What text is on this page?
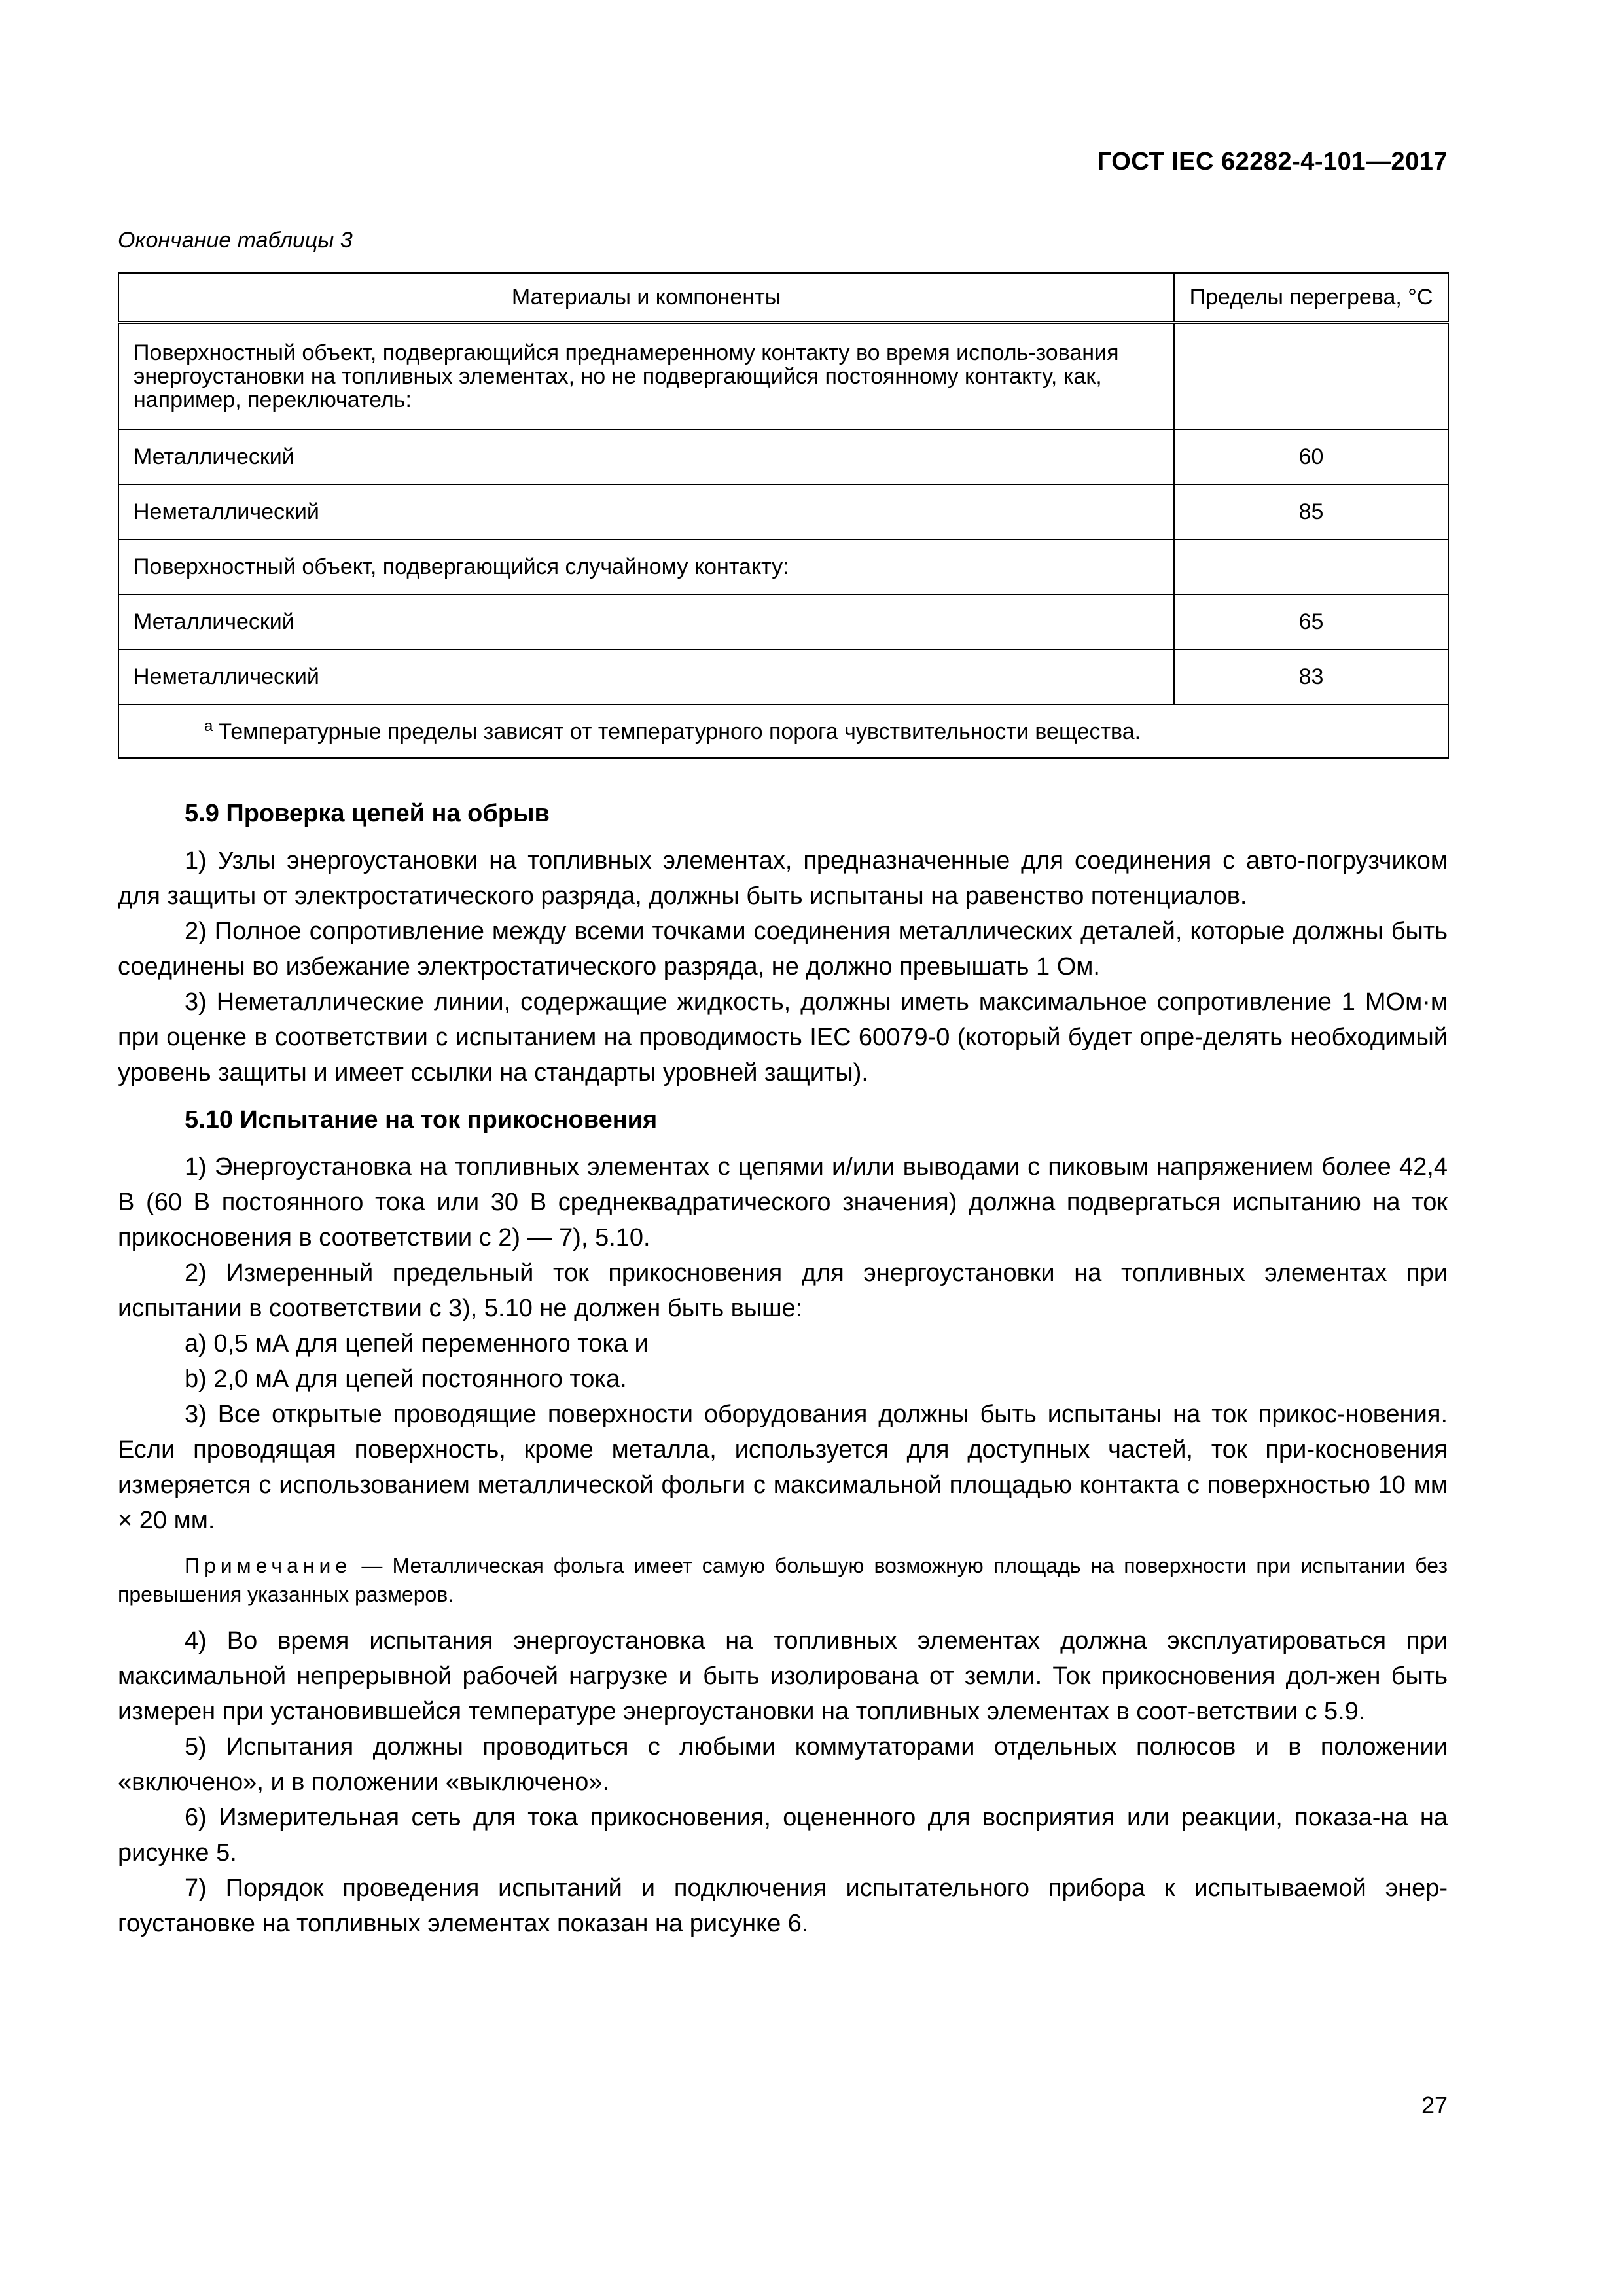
ГОСТ IEC 62282-4-101—2017
Окончание таблицы 3
Материалы и компоненты	Пределы перегрева, °С
Поверхностный объект, подвергающийся преднамеренному контакту во время исполь-зования энергоустановки на топливных элементах, но не подвергающийся постоянному контакту, как, например, переключатель:	
Металлический	60
Неметаллический	85
Поверхностный объект, подвергающийся случайному контакту:	
Металлический	65
Неметаллический	83
$^a$ Температурные пределы зависят от температурного порога чувствительности вещества.	
5.9 Проверка цепей на обрыв

1) Узлы энергоустановки на топливных элементах, предназначенные для соединения с авто-погрузчиком для защиты от электростатического разряда, должны быть испытаны на равенство потенциалов.

2) Полное сопротивление между всеми точками соединения металлических деталей, которые должны быть соединены во избежание электростатического разряда, не должно превышать 1 Ом.

3) Неметаллические линии, содержащие жидкость, должны иметь максимальное сопротивление 1 МОм·м при оценке в соответствии с испытанием на проводимость IEC 60079-0 (который будет опре-делять необходимый уровень защиты и имеет ссылки на стандарты уровней защиты).

5.10 Испытание на ток прикосновения

1) Энергоустановка на топливных элементах с цепями и/или выводами с пиковым напряжением более 42,4 В (60 В постоянного тока или 30 В среднеквадратического значения) должна подвергаться испытанию на ток прикосновения в соответствии с 2) — 7), 5.10.

2) Измеренный предельный ток прикосновения для энергоустановки на топливных элементах при испытании в соответствии с 3), 5.10 не должен быть выше:

a) 0,5 мА для цепей переменного тока и

b) 2,0 мА для цепей постоянного тока.

3) Все открытые проводящие поверхности оборудования должны быть испытаны на ток прикос-новения. Если проводящая поверхность, кроме металла, используется для доступных частей, ток при-косновения измеряется с использованием металлической фольги с максимальной площадью контакта с поверхностью 10 мм × 20 мм.

Примечание — Металлическая фольга имеет самую большую возможную площадь на поверхности при испытании без превышения указанных размеров.

4) Во время испытания энергоустановка на топливных элементах должна эксплуатироваться при максимальной непрерывной рабочей нагрузке и быть изолирована от земли. Ток прикосновения дол-жен быть измерен при установившейся температуре энергоустановки на топливных элементах в соот-ветствии с 5.9.

5) Испытания должны проводиться с любыми коммутаторами отдельных полюсов и в положении «включено», и в положении «выключено».

6) Измерительная сеть для тока прикосновения, оцененного для восприятия или реакции, показа-на на рисунке 5.

7) Порядок проведения испытаний и подключения испытательного прибора к испытываемой энер-гоустановке на топливных элементах показан на рисунке 6.

27
